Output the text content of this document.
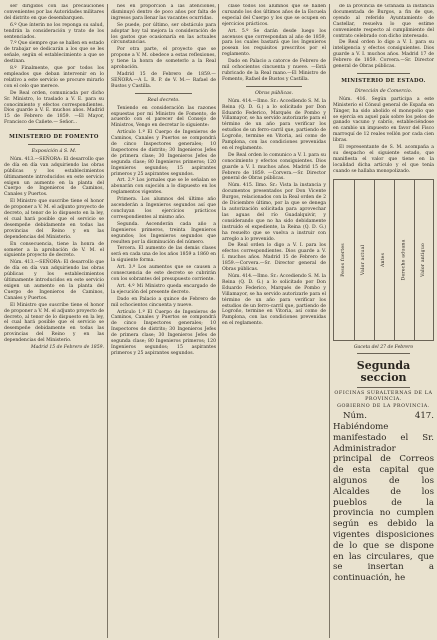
ser dirigidos con las precauciones convenientes por las Autoridades militares del distrito en que desembarquen.

6.º Que ínterin no los reponga su salud, tendrán la consideración y trato de los sentenciados.

7.º Que siempre que se hallen en estado de trabajar se dedicarán a los que se les señale, según el establecimiento a que se destinan.

8.º Finalmente, que por todos los empleados que deban intervenir en lo relativo a este servicio se procure mirarlo con el celo que merece.

De Real orden, comunicada por dicho Sr. Ministro, lo traslado a V. E. para su conocimiento y efectos correspondientes. Dios guarde a V. E. muchos años. Madrid 15 de Febrero de 1859. —El Mayor, Francisco de Cañete.— Señor...

MINISTERIO DE FOMENTO

Exposición á S. M.

Núm. 413.—SEÑORA: El desarrollo que de día en día van adquiriendo las obras públicas y los establecimientos últimamente introducidos en este servicio exigen un aumento en la planta del Cuerpo de Ingenieros de Caminos, Canales y Puertos.

El Ministro que suscribe tiene el honor de proponer a V. M. el adjunto proyecto de decreto, al tenor de lo dispuesto en la ley, el cual hará posible que el servicio se desempeñe debidamente en todas las provincias del Reino y en las dependencias del Ministerio.

En consecuencia, tiene la honra de someter a la aprobación de V. M. el siguiente proyecto de decreto.

Núm. 413.—SEÑORA: El desarrollo que de día en día van adquiriendo las obras públicas y los establecimientos últimamente introducidos en este servicio exigen un aumento en la planta del Cuerpo de Ingenieros de Caminos, Canales y Puertos.

El Ministro que suscribe tiene el honor de proponer a V. M. el adjunto proyecto de decreto, al tenor de lo dispuesto en la ley, el cual hará posible que el servicio se desempeñe debidamente en todas las provincias del Reino y en las dependencias del Ministerio.

Madrid 15 de Febrero de 1859.

nes en proporción a las atenciones, disminuyó dentro de poco años por falta de ingresos para llenar las vacantes ocurridas.

Se puede, por último, ser obstáculo para adoptar hoy tal mejora la consideración de los gastos que ocasionaría en las actuales circunstancias.

Por otra parte, el proyecto que se propone a V. M. obedece a estas reflexiones, y tiene la honra de someterlo a la Real aprobación.

Madrid 15 de Febrero de 1859.—SEÑORA.—A L. R. P. de V. M.— Rafael de Bustos y Castilla.

Real decreto.

Teniendo en consideración las razones expuestas por mi Ministro de Fomento, de acuerdo con el parecer del Consejo de Ministros, Vengo en decretar lo siguiente:

Artículo 1.º El Cuerpo de Ingenieros de Caminos, Canales y Puertos se compondrá de cinco Inspectores generales; 10 Inspectores de distrito; 30 Ingenieros Jefes de primera clase; 30 Ingenieros Jefes de segunda clase; 80 Ingenieros primeros; 120 Ingenieros segundos; 15 aspirantes primeros y 25 aspirantes segundos.

Art. 2.º Los jornales que se le señalan se abonarán con sujeción a lo dispuesto en los reglamentos vigentes.

Primera. Los alumnos del último año ascenderán a Ingenieros segundos así que concluyan los ejercicios prácticos correspondientes al mismo año.

Segunda. Ascenderán cada año a Ingenieros primeros, treinta Ingenieros segundos; los Ingenieros segundos que resulten por la disminución del número.

Tercera. El aumento de las demás clases será en cada una de los años 1859 a 1860 en la siguiente forma.

Art. 3.º Los aumentos que se causen a consecuencia de este decreto se cubrirán con los sobrantes del presupuesto corriente.

Art. 4.º Mi Ministro queda encargado de la ejecución del presente decreto.

Dado en Palacio a quince de Febrero de mil ochocientos cincuenta y nueve.

Artículo 1.º El Cuerpo de Ingenieros de Caminos, Canales y Puertos se compondrá de cinco Inspectores generales; 10 Inspectores de distrito; 30 Ingenieros Jefes de primera clase; 30 Ingenieros Jefes de segunda clase; 80 Ingenieros primeros; 120 Ingenieros segundos; 15 aspirantes primeros y 25 aspirantes segundos.

clase todos los alumnos que se hallen cursando los dos últimos años de la Escuela especial del Cuerpo y los que se ocupen en ejercicios prácticos.

Art. 5.º Se darán desde luego los ascensos que correspondan al año de 1859, para los cuales bastará que los Ingenieros posean los requisitos prescritos por el reglamento.

Dado en Palacio a catorce de Febrero de mil ochocientos cincuenta y nueve. —Está rubricado de la Real mano.—El Ministro de Fomento, Rafael de Bustos y Castilla.

Obras públicas.

Núm. 414.—Ilmo. Sr.: Accediendo S. M. la Reina (Q. D. G.) a lo solicitado por Don Eduardo Federico, Marqués de Pombo y Villamayor, se ha servido autorizarle para el término de un año para verificar los estudios de un ferro-carril que, partiendo de Logroño, termine en Vitoria, así como de Pamplona, con las condiciones prevenidas en el reglamento.

De Real orden lo comunico a V. I. para su conocimiento y efectos consiguientes. Dios guarde a V. I. muchos años. Madrid 15 de Febrero de 1859. —Corvera.—Sr. Director general de Obras públicas.

Núm. 415. Ilmo. Sr.: Vista la instancia y documentos presentados por Don Vicente Burgos, relacionados con la Real orden de 2 de Diciembre último, por la que se denega la autorización solicitada para aprovechar las aguas del río Guadalquivir, y considerando que no ha sido debidamente instruido el expediente, la Reina (Q. D. G.) ha resuelto que se vuelva a instruir con arreglo a lo prevenido.

De Real orden lo digo a V. I. para los efectos correspondientes. Dios guarde a V. I. muchos años. Madrid 15 de Febrero de 1859.—Corvera.—Sr. Director general de Obras públicas.

Núm. 414.—Ilmo. Sr.: Accediendo S. M. la Reina (Q. D. G.) a lo solicitado por Don Eduardo Federico, Marqués de Pombo y Villamayor, se ha servido autorizarle para el término de un año para verificar los estudios de un ferro-carril que, partiendo de Logroño, termine en Vitoria, así como de Pamplona, con las condiciones prevenidas en el reglamento.

de la provincia de Granada la instancia documentada de Burgos, a fin de que, oyendo al referido Ayuntamiento de Castellar, resuelva lo que estime conveniente respecto al cumplimiento del contrato celebrado con dicho interesado.

De Real orden lo digo a V. I. para su inteligencia y efectos consiguientes. Dios guarde a V. I. muchos años. Madrid 17 de Febrero de 1859. Corvera.—Sr. Director general de Obras públicas.

MINISTERIO DE ESTADO.

Dirección de Comercio.

Núm. 416. Según participa a este Ministerio el Cónsul general de España en Tánger, ha sido abolido el monopolio que se ejercía en aquel país sobre los pelos de ganado vacuno y cabrío, estableciéndose en cambio un impuesto en favor del Fisco marroquí de 12 reales vellón por cada cien libras.

El representante de S. M. acompaña a su despacho el siguiente estado, que manifiesta el valor que tiene en la localidad dicha artículo y el que tenía cuando se hallaba monopolizado.

Pesos fuertes	Valor actual	Antes	Derecho aduana	Valor antiguo

Gaceta del 27 de Febrero

Segunda seccion

OFICINAS SUBALTERNAS DE LA PROVINCIA.

GOBIERNO DE LA PROVINCIA.

Núm. 417. Habiéndome manifestado el Sr. Administrador principal de Correos de esta capital que algunos de los Alcaldes de los pueblos de la provincia no cumplen según es debido la vigentes disposiciones de lo que se dispone en las circulares, que se insertan a continuación, he
